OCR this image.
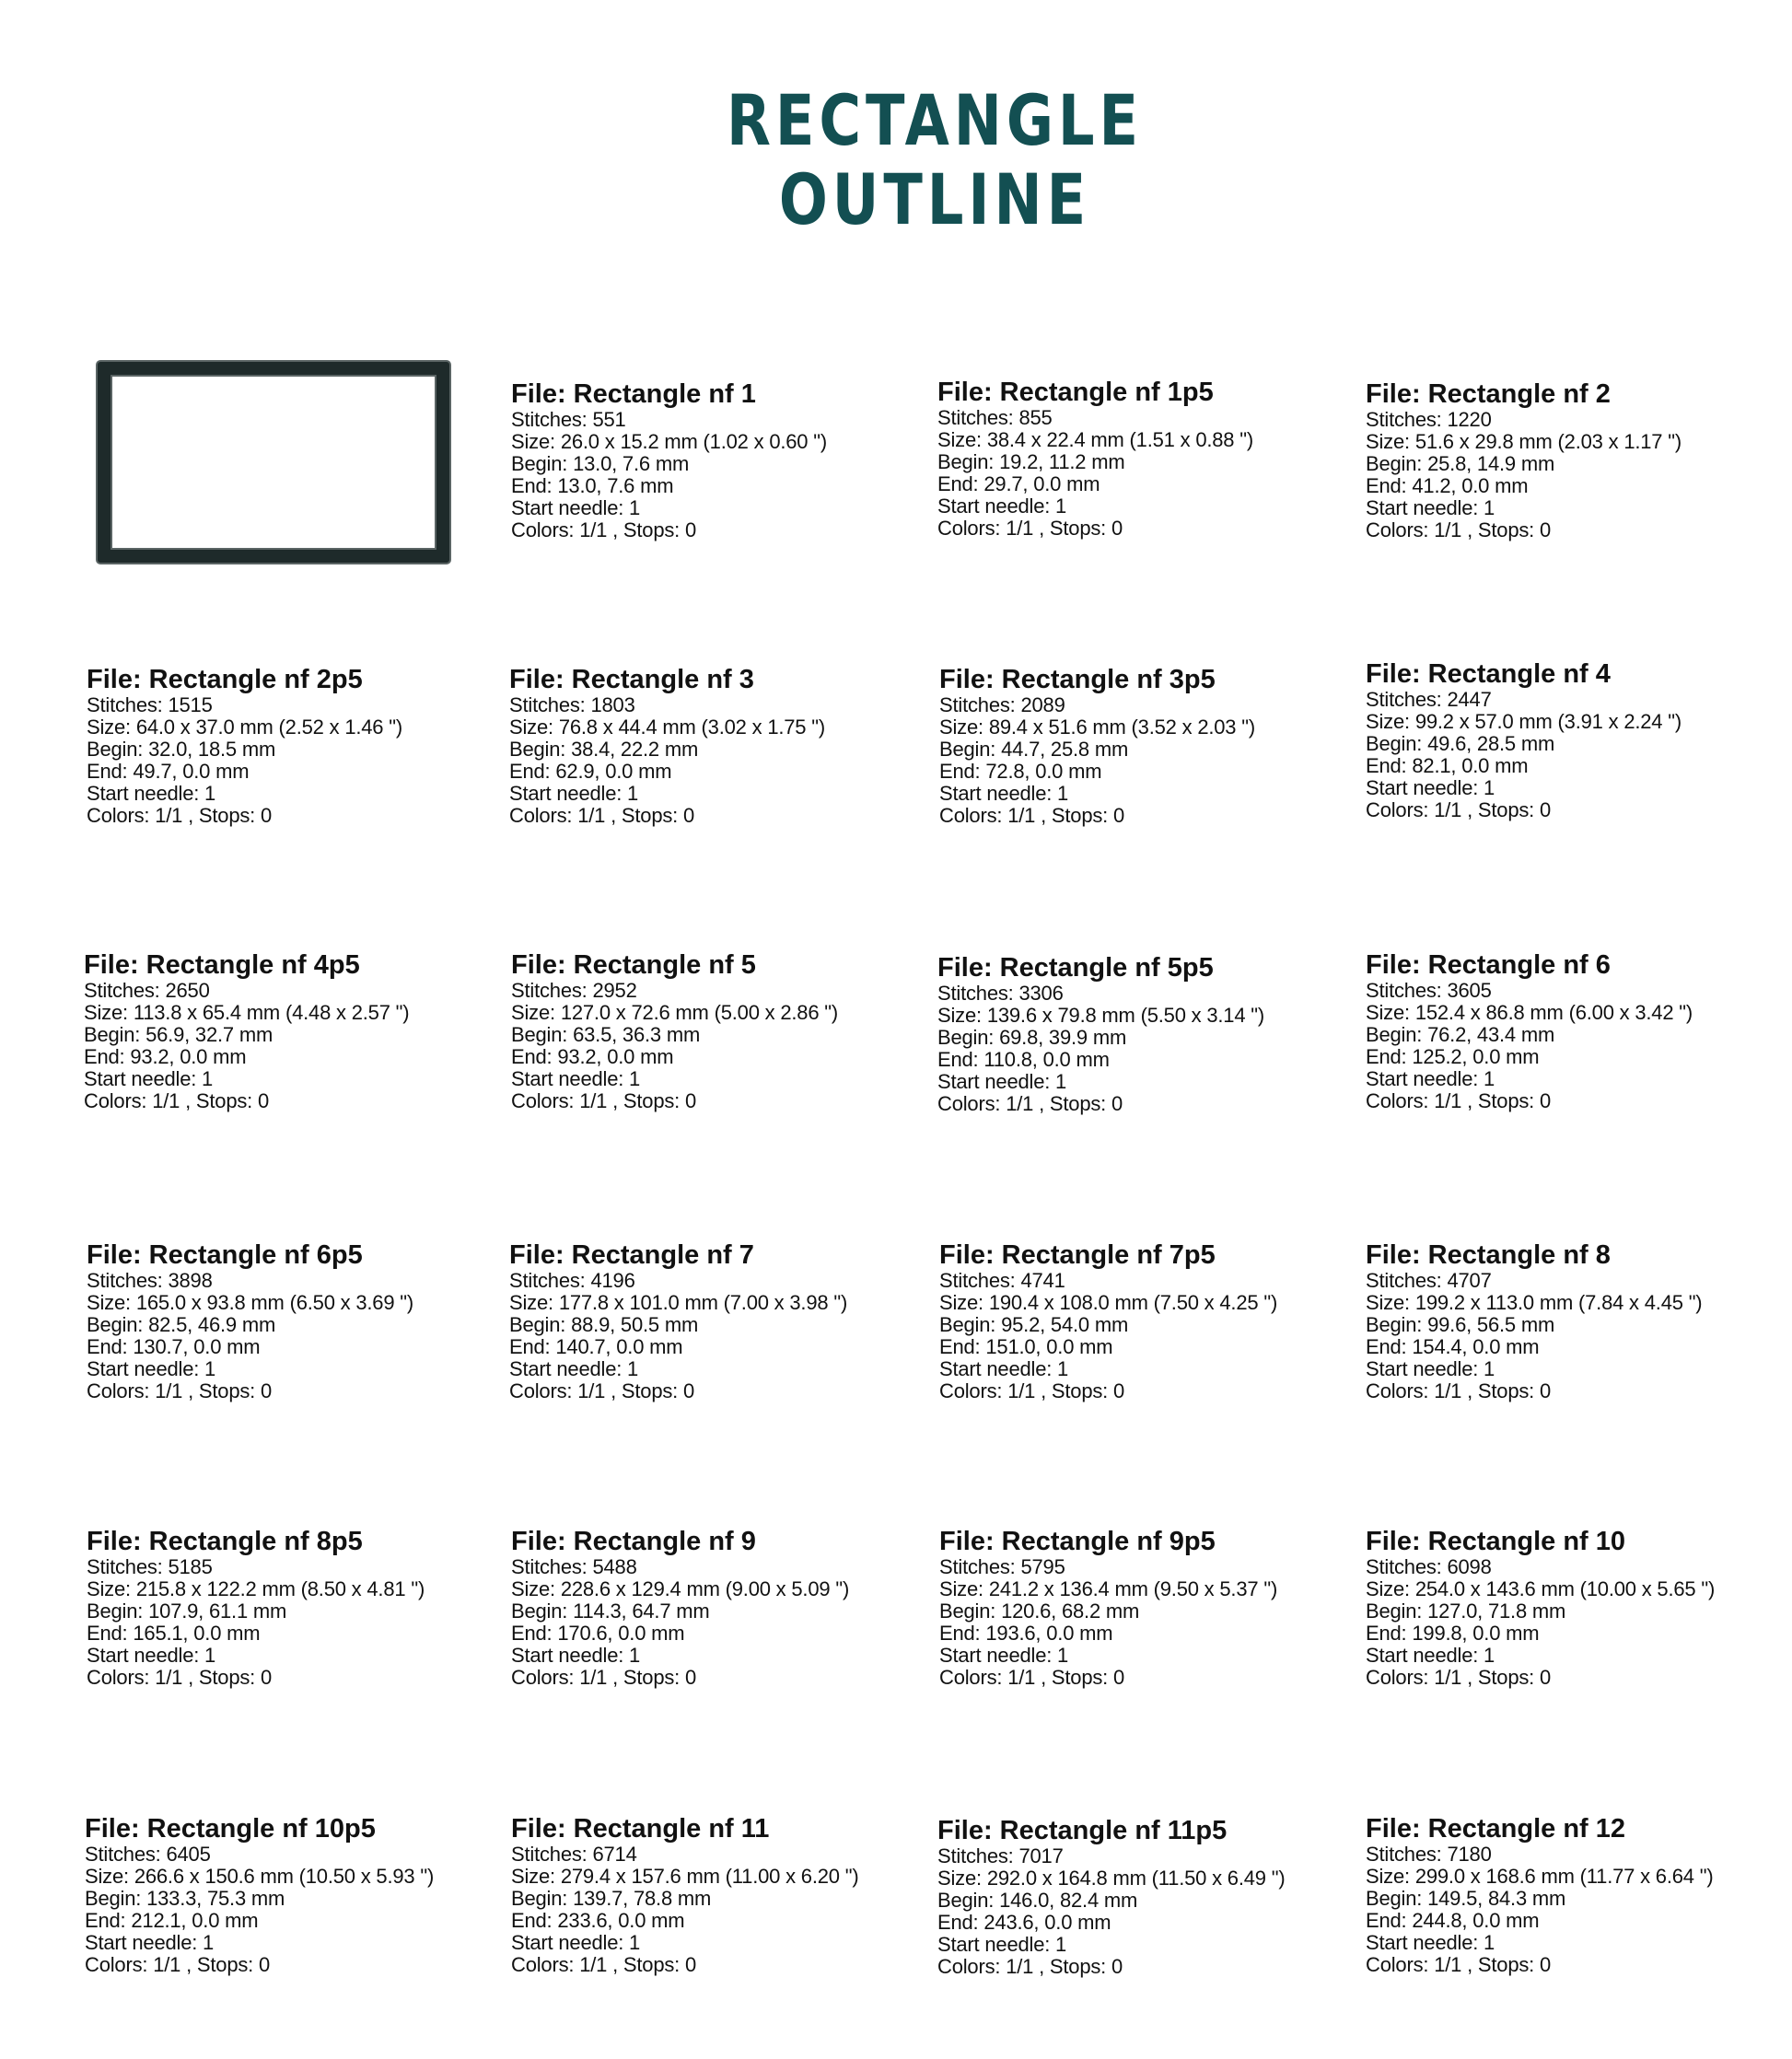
RECTANGLE
OUTLINE
File: Rectangle nf 1
Stitches: 551
Size: 26.0 x 15.2 mm (1.02 x 0.60 ")
Begin: 13.0, 7.6 mm
End: 13.0, 7.6 mm
Start needle: 1
Colors: 1/1 , Stops: 0
File: Rectangle nf 1p5
Stitches: 855
Size: 38.4 x 22.4 mm (1.51 x 0.88 ")
Begin: 19.2, 11.2 mm
End: 29.7, 0.0 mm
Start needle: 1
Colors: 1/1 , Stops: 0
File: Rectangle nf 2
Stitches: 1220
Size: 51.6 x 29.8 mm (2.03 x 1.17 ")
Begin: 25.8, 14.9 mm
End: 41.2, 0.0 mm
Start needle: 1
Colors: 1/1 , Stops: 0
File: Rectangle nf 2p5
Stitches: 1515
Size: 64.0 x 37.0 mm (2.52 x 1.46 ")
Begin: 32.0, 18.5 mm
End: 49.7, 0.0 mm
Start needle: 1
Colors: 1/1 , Stops: 0
File: Rectangle nf 3
Stitches: 1803
Size: 76.8 x 44.4 mm (3.02 x 1.75 ")
Begin: 38.4, 22.2 mm
End: 62.9, 0.0 mm
Start needle: 1
Colors: 1/1 , Stops: 0
File: Rectangle nf 3p5
Stitches: 2089
Size: 89.4 x 51.6 mm (3.52 x 2.03 ")
Begin: 44.7, 25.8 mm
End: 72.8, 0.0 mm
Start needle: 1
Colors: 1/1 , Stops: 0
File: Rectangle nf 4
Stitches: 2447
Size: 99.2 x 57.0 mm (3.91 x 2.24 ")
Begin: 49.6, 28.5 mm
End: 82.1, 0.0 mm
Start needle: 1
Colors: 1/1 , Stops: 0
File: Rectangle nf 4p5
Stitches: 2650
Size: 113.8 x 65.4 mm (4.48 x 2.57 ")
Begin: 56.9, 32.7 mm
End: 93.2, 0.0 mm
Start needle: 1
Colors: 1/1 , Stops: 0
File: Rectangle nf 5
Stitches: 2952
Size: 127.0 x 72.6 mm (5.00 x 2.86 ")
Begin: 63.5, 36.3 mm
End: 93.2, 0.0 mm
Start needle: 1
Colors: 1/1 , Stops: 0
File: Rectangle nf 5p5
Stitches: 3306
Size: 139.6 x 79.8 mm (5.50 x 3.14 ")
Begin: 69.8, 39.9 mm
End: 110.8, 0.0 mm
Start needle: 1
Colors: 1/1 , Stops: 0
File: Rectangle nf 6
Stitches: 3605
Size: 152.4 x 86.8 mm (6.00 x 3.42 ")
Begin: 76.2, 43.4 mm
End: 125.2, 0.0 mm
Start needle: 1
Colors: 1/1 , Stops: 0
File: Rectangle nf 6p5
Stitches: 3898
Size: 165.0 x 93.8 mm (6.50 x 3.69 ")
Begin: 82.5, 46.9 mm
End: 130.7, 0.0 mm
Start needle: 1
Colors: 1/1 , Stops: 0
File: Rectangle nf 7
Stitches: 4196
Size: 177.8 x 101.0 mm (7.00 x 3.98 ")
Begin: 88.9, 50.5 mm
End: 140.7, 0.0 mm
Start needle: 1
Colors: 1/1 , Stops: 0
File: Rectangle nf 7p5
Stitches: 4741
Size: 190.4 x 108.0 mm (7.50 x 4.25 ")
Begin: 95.2, 54.0 mm
End: 151.0, 0.0 mm
Start needle: 1
Colors: 1/1 , Stops: 0
File: Rectangle nf 8
Stitches: 4707
Size: 199.2 x 113.0 mm (7.84 x 4.45 ")
Begin: 99.6, 56.5 mm
End: 154.4, 0.0 mm
Start needle: 1
Colors: 1/1 , Stops: 0
File: Rectangle nf 8p5
Stitches: 5185
Size: 215.8 x 122.2 mm (8.50 x 4.81 ")
Begin: 107.9, 61.1 mm
End: 165.1, 0.0 mm
Start needle: 1
Colors: 1/1 , Stops: 0
File: Rectangle nf 9
Stitches: 5488
Size: 228.6 x 129.4 mm (9.00 x 5.09 ")
Begin: 114.3, 64.7 mm
End: 170.6, 0.0 mm
Start needle: 1
Colors: 1/1 , Stops: 0
File: Rectangle nf 9p5
Stitches: 5795
Size: 241.2 x 136.4 mm (9.50 x 5.37 ")
Begin: 120.6, 68.2 mm
End: 193.6, 0.0 mm
Start needle: 1
Colors: 1/1 , Stops: 0
File: Rectangle nf 10
Stitches: 6098
Size: 254.0 x 143.6 mm (10.00 x 5.65 ")
Begin: 127.0, 71.8 mm
End: 199.8, 0.0 mm
Start needle: 1
Colors: 1/1 , Stops: 0
File: Rectangle nf 10p5
Stitches: 6405
Size: 266.6 x 150.6 mm (10.50 x 5.93 ")
Begin: 133.3, 75.3 mm
End: 212.1, 0.0 mm
Start needle: 1
Colors: 1/1 , Stops: 0
File: Rectangle nf 11
Stitches: 6714
Size: 279.4 x 157.6 mm (11.00 x 6.20 ")
Begin: 139.7, 78.8 mm
End: 233.6, 0.0 mm
Start needle: 1
Colors: 1/1 , Stops: 0
File: Rectangle nf 11p5
Stitches: 7017
Size: 292.0 x 164.8 mm (11.50 x 6.49 ")
Begin: 146.0, 82.4 mm
End: 243.6, 0.0 mm
Start needle: 1
Colors: 1/1 , Stops: 0
File: Rectangle nf 12
Stitches: 7180
Size: 299.0 x 168.6 mm (11.77 x 6.64 ")
Begin: 149.5, 84.3 mm
End: 244.8, 0.0 mm
Start needle: 1
Colors: 1/1 , Stops: 0
